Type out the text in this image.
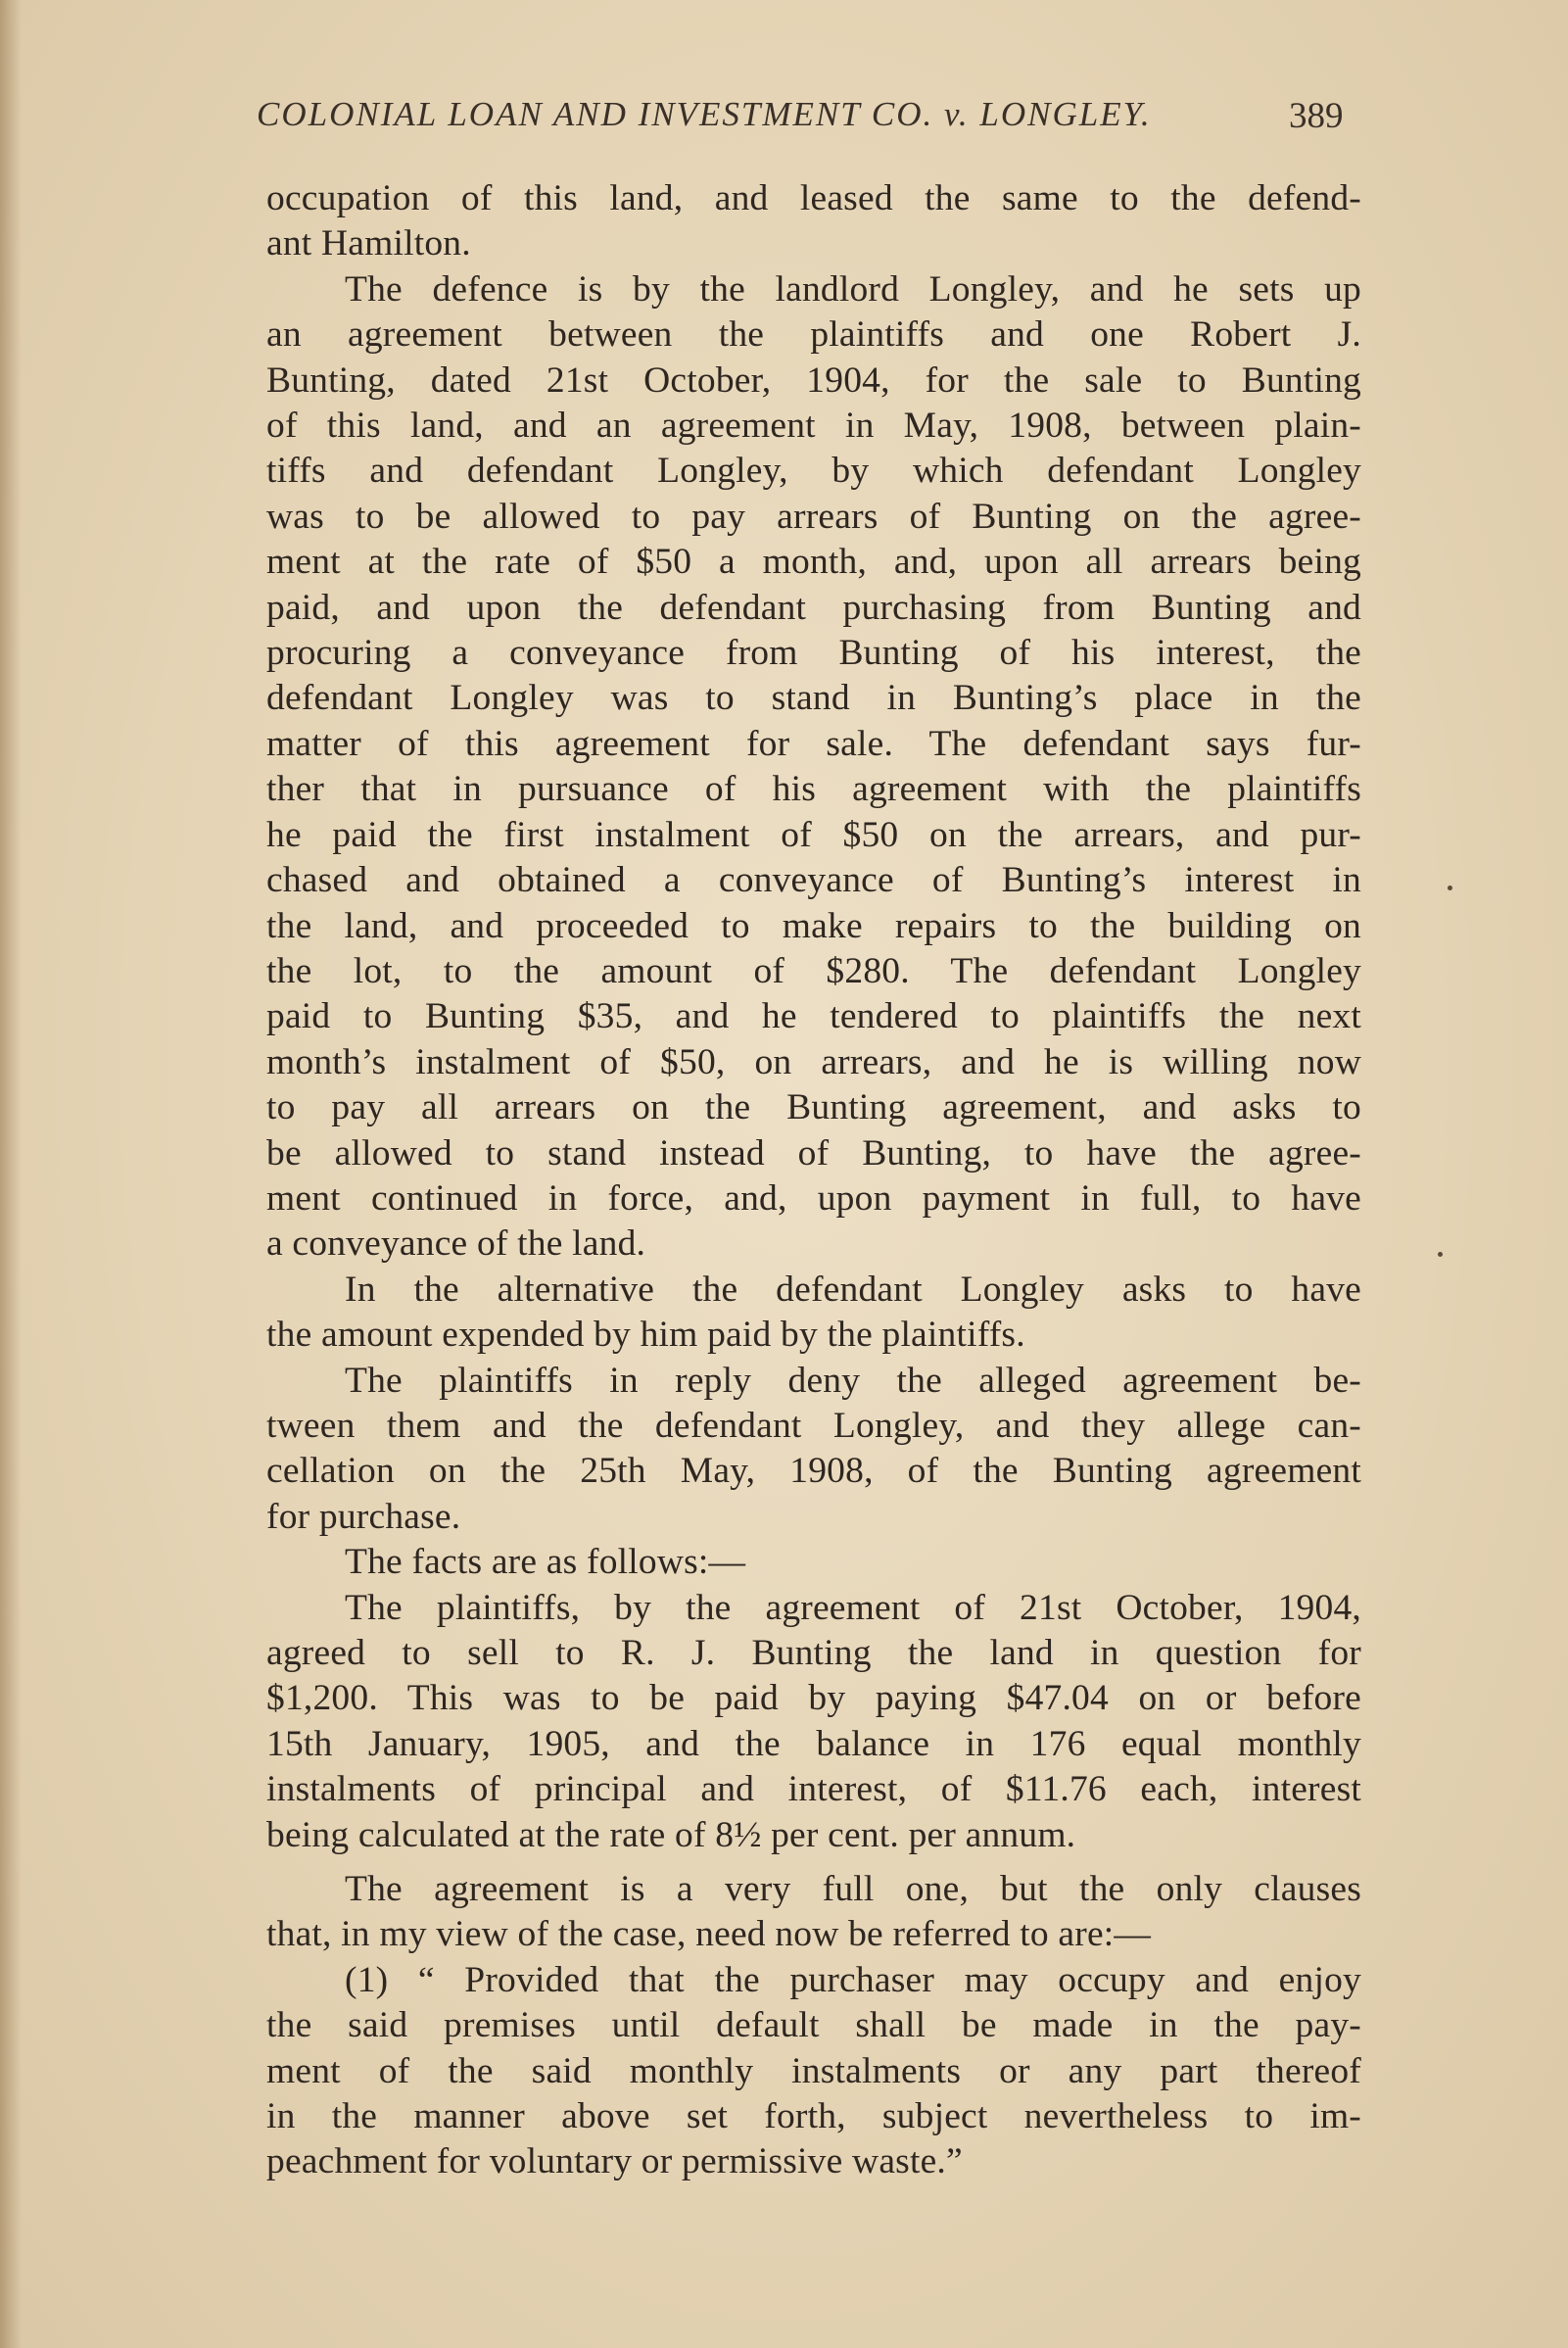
COLONIAL LOAN AND INVESTMENT CO. v. LONGLEY.	389

occupation of this land, and leased the same to the defend-
ant Hamilton.

The defence is by the landlord Longley, and he sets up
an agreement between the plaintiffs and one Robert J.
Bunting, dated 21st October, 1904, for the sale to Bunting
of this land, and an agreement in May, 1908, between plain-
tiffs and defendant Longley, by which defendant Longley
was to be allowed to pay arrears of Bunting on the agree-
ment at the rate of $50 a month, and, upon all arrears being
paid, and upon the defendant purchasing from Bunting and
procuring a conveyance from Bunting of his interest, the
defendant Longley was to stand in Bunting’s place in the
matter of this agreement for sale. The defendant says fur-
ther that in pursuance of his agreement with the plaintiffs
he paid the first instalment of $50 on the arrears, and pur-
chased and obtained a conveyance of Bunting’s interest in
the land, and proceeded to make repairs to the building on
the lot, to the amount of $280. The defendant Longley
paid to Bunting $35, and he tendered to plaintiffs the next
month’s instalment of $50, on arrears, and he is willing now
to pay all arrears on the Bunting agreement, and asks to
be allowed to stand instead of Bunting, to have the agree-
ment continued in force, and, upon payment in full, to have
a conveyance of the land.

In the alternative the defendant Longley asks to have
the amount expended by him paid by the plaintiffs.

The plaintiffs in reply deny the alleged agreement be-
tween them and the defendant Longley, and they allege can-
cellation on the 25th May, 1908, of the Bunting agreement
for purchase.

The facts are as follows:—

The plaintiffs, by the agreement of 21st October, 1904,
agreed to sell to R. J. Bunting the land in question for
$1,200. This was to be paid by paying $47.04 on or before
15th January, 1905, and the balance in 176 equal monthly
instalments of principal and interest, of $11.76 each, interest
being calculated at the rate of 8½ per cent. per annum.

The agreement is a very full one, but the only clauses
that, in my view of the case, need now be referred to are:—

(1) “ Provided that the purchaser may occupy and enjoy
the said premises until default shall be made in the pay-
ment of the said monthly instalments or any part thereof
in the manner above set forth, subject nevertheless to im-
peachment for voluntary or permissive waste.”
